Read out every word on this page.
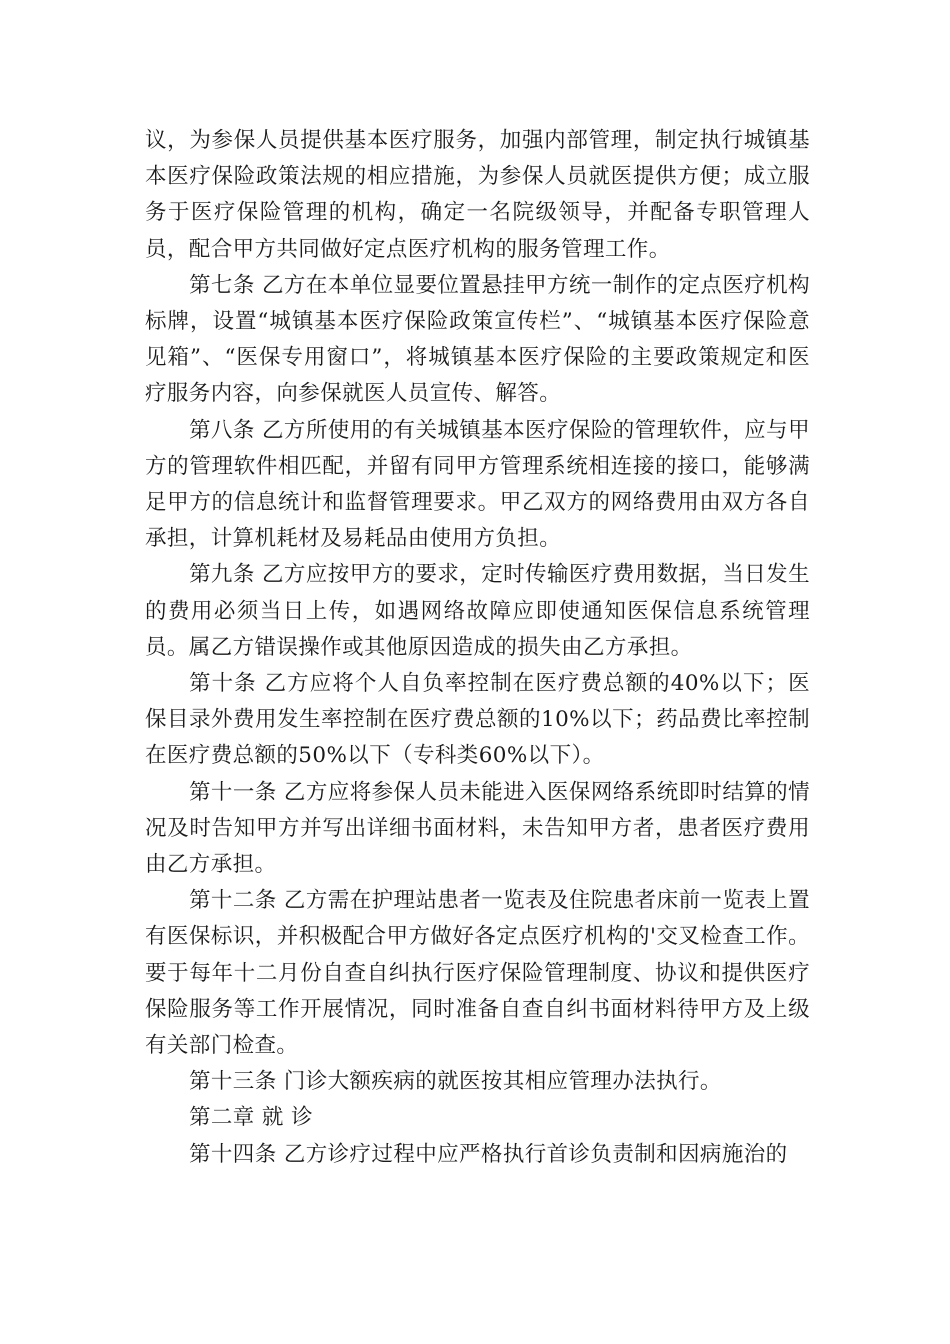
议，为参保人员提供基本医疗服务，加强内部管理，制定执行城镇基本医疗保险政策法规的相应措施，为参保人员就医提供方便；成立服务于医疗保险管理的机构，确定一名院级领导，并配备专职管理人员，配合甲方共同做好定点医疗机构的服务管理工作。

第七条 乙方在本单位显要位置悬挂甲方统一制作的定点医疗机构标牌，设置“城镇基本医疗保险政策宣传栏”、“城镇基本医疗保险意见箱”、“医保专用窗口”，将城镇基本医疗保险的主要政策规定和医疗服务内容，向参保就医人员宣传、解答。

第八条 乙方所使用的有关城镇基本医疗保险的管理软件，应与甲方的管理软件相匹配，并留有同甲方管理系统相连接的接口，能够满足甲方的信息统计和监督管理要求。甲乙双方的网络费用由双方各自承担，计算机耗材及易耗品由使用方负担。

第九条 乙方应按甲方的要求，定时传输医疗费用数据，当日发生的费用必须当日上传，如遇网络故障应即使通知医保信息系统管理员。属乙方错误操作或其他原因造成的损失由乙方承担。

第十条 乙方应将个人自负率控制在医疗费总额的40%以下；医保目录外费用发生率控制在医疗费总额的10%以下；药品费比率控制在医疗费总额的50%以下（专科类60%以下）。

第十一条 乙方应将参保人员未能进入医保网络系统即时结算的情况及时告知甲方并写出详细书面材料，未告知甲方者，患者医疗费用由乙方承担。

第十二条 乙方需在护理站患者一览表及住院患者床前一览表上置有医保标识，并积极配合甲方做好各定点医疗机构的'交叉检查工作。要于每年十二月份自查自纠执行医疗保险管理制度、协议和提供医疗保险服务等工作开展情况，同时准备自查自纠书面材料待甲方及上级有关部门检查。

第十三条 门诊大额疾病的就医按其相应管理办法执行。

第二章 就 诊

第十四条 乙方诊疗过程中应严格执行首诊负责制和因病施治的
